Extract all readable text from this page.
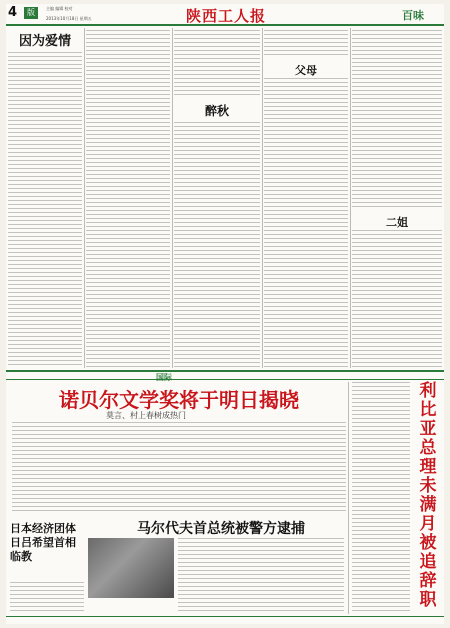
4	版	主编 编辑 校对
2013年10月18日 星期五	陕西工人报	百味
因为爱情
醉秋
父母
二姐
国际
诺贝尔文学奖将于明日揭晓
莫言、村上春树成热门
日本经济团体日吕希望首相临教
马尔代夫首总统被警方逮捕
利比亚总理未满月被追辞职
